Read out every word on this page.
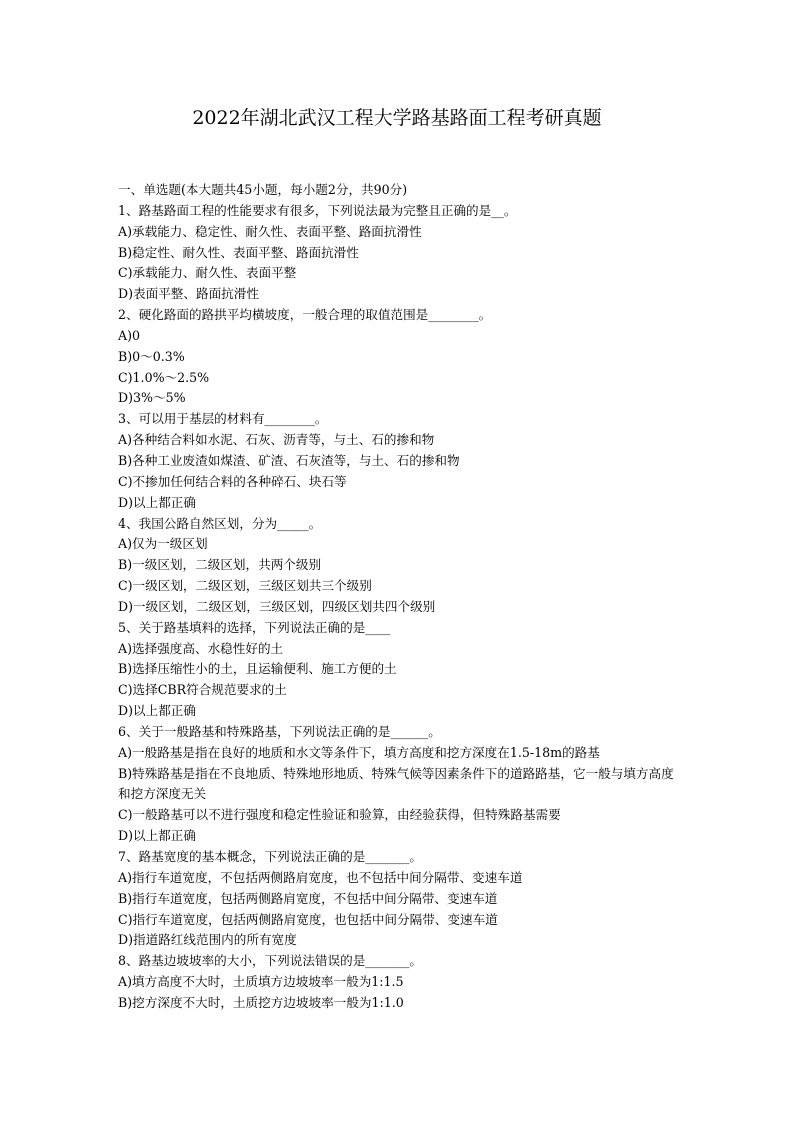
2022年湖北武汉工程大学路基路面工程考研真题
一、单选题(本大题共45小题，每小题2分，共90分)
1、路基路面工程的性能要求有很多，下列说法最为完整且正确的是__。
A)承载能力、稳定性、耐久性、表面平整、路面抗滑性
B)稳定性、耐久性、表面平整、路面抗滑性
C)承载能力、耐久性、表面平整
D)表面平整、路面抗滑性
2、硬化路面的路拱平均横坡度，一般合理的取值范围是________。
A)0
B)0～0.3%
C)1.0%～2.5%
D)3%～5%
3、可以用于基层的材料有________。
A)各种结合料如水泥、石灰、沥青等，与土、石的掺和物
B)各种工业废渣如煤渣、矿渣、石灰渣等，与土、石的掺和物
C)不掺加任何结合料的各种碎石、块石等
D)以上都正确
4、我国公路自然区划，分为_____。
A)仅为一级区划
B)一级区划，二级区划，共两个级别
C)一级区划，二级区划，三级区划共三个级别
D)一级区划，二级区划，三级区划，四级区划共四个级别
5、关于路基填料的选择，下列说法正确的是____
A)选择强度高、水稳性好的土
B)选择压缩性小的土，且运输便利、施工方便的土
C)选择CBR符合规范要求的土
D)以上都正确
6、关于一般路基和特殊路基，下列说法正确的是______。
A)一般路基是指在良好的地质和水文等条件下，填方高度和挖方深度在1.5-18m的路基
B)特殊路基是指在不良地质、特殊地形地质、特殊气候等因素条件下的道路路基，它一般与填方高度和挖方深度无关
C)一般路基可以不进行强度和稳定性验证和验算，由经验获得，但特殊路基需要
D)以上都正确
7、路基宽度的基本概念，下列说法正确的是_______。
A)指行车道宽度，不包括两侧路肩宽度，也不包括中间分隔带、变速车道
B)指行车道宽度，包括两侧路肩宽度，不包括中间分隔带、变速车道
C)指行车道宽度，包括两侧路肩宽度，也包括中间分隔带、变速车道
D)指道路红线范围内的所有宽度
8、路基边坡坡率的大小，下列说法错误的是_______。
A)填方高度不大时，土质填方边坡坡率一般为1:1.5
B)挖方深度不大时，土质挖方边坡坡率一般为1:1.0
